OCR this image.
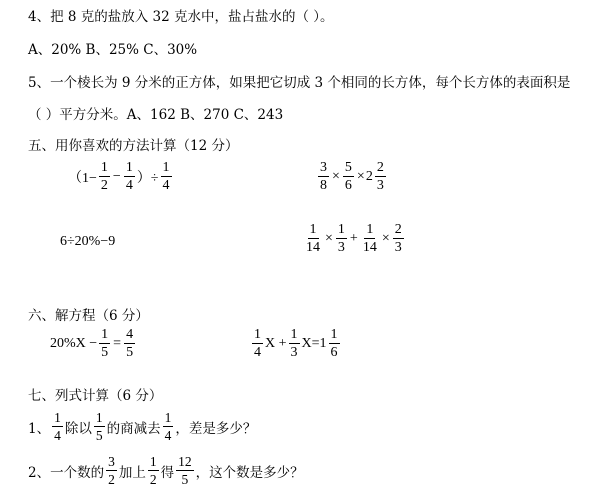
4、把 8 克的盐放入 32 克水中，盐占盐水的（ ）。
A、20% B、25% C、30%
5、一个棱长为 9 分米的正方体，如果把它切成 3 个相同的长方体，每个长方体的表面积是
（ ）平方分米。A、162 B、270 C、243
五、用你喜欢的方法计算（12 分）
（$1- \frac{1}{2} - \frac{1}{4}$ ）÷ $\frac{1}{4}$	$\frac{3}{8} \times \frac{5}{6} \times 2 \frac{2}{3}$
6÷20%−9	$\frac{1}{14} \times \frac{1}{3} + \frac{1}{14} \times \frac{2}{3}$
六、解方程（6 分）
$20\%X - \frac{1}{5} = \frac{4}{5}$	$\frac{1}{4}$ $X + \frac{1}{3} X=1 \frac{1}{6}$
七、列式计算（6 分）
1、 $\frac{1}{4}$ 除以 $\frac{1}{5}$ 的商减去 $\frac{1}{4}$ ，差是多少？
2、一个数的 $\frac{3}{2}$ 加上 $\frac{1}{2}$ 得 $\frac{12}{5}$ ，这个数是多少？
